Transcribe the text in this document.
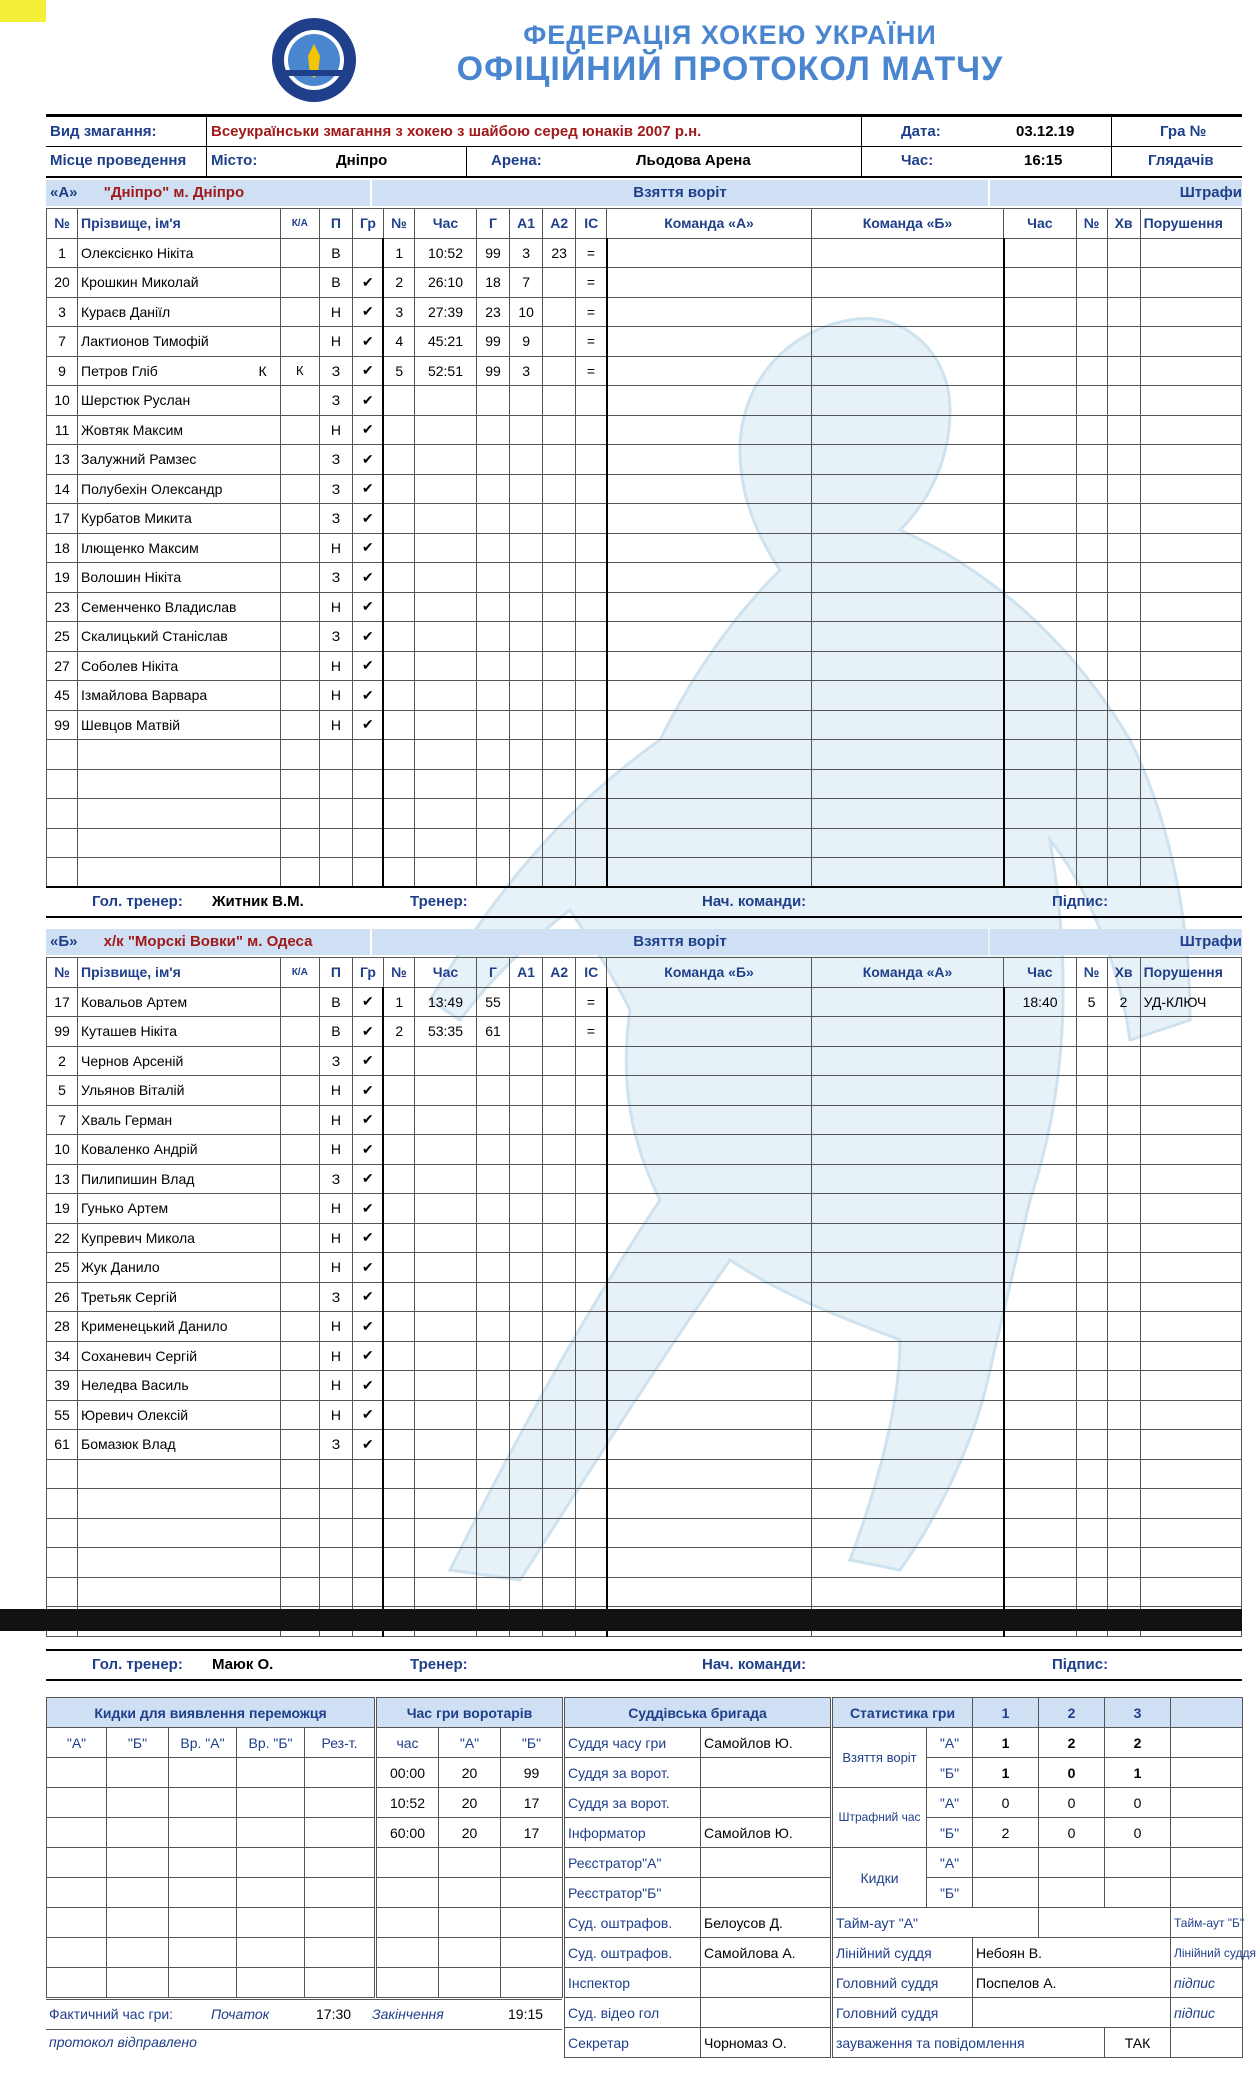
ФЕДЕРАЦІЯ ХОКЕЮ УКРАЇНИ
ОФІЦІЙНИЙ ПРОТОКОЛ МАТЧУ
Вид змагання:	Всеукраїнськи змагання з хокею з шайбою серед юнаків 2007 р.н.	Дата:	03.12.19	Гра №
Місце проведення Місто:	Дніпро	Арена:	Льодова Арена	Час:	16:15	Глядачів
«А» "Дніпро" м. Дніпро	Взяття воріт	Штрафи
№	Прізвище, ім'я	К/А	П	Гр	№	Час	Г	А1	А2	ІС	Команда «А»	Команда «Б»	Час	№	Хв	Порушення
1	Олексієнко Нікіта		В		1	10:52	99	3	23	=						
20	Крошкин Миколай		В	✔	2	26:10	18	7		=						
3	Кураєв Даніїл		Н	✔	3	27:39	23	10		=						
7	Лактионов Тимофій		Н	✔	4	45:21	99	9		=						
9	Петров Гліб К	К	З	✔	5	52:51	99	3		=						
10	Шерстюк Руслан		З	✔												
11	Жовтяк Максим		Н	✔												
13	Залужний Рамзес		З	✔												
14	Полубехін Олександр		З	✔												
17	Курбатов Микита		З	✔												
18	Ілющенко Максим		Н	✔												
19	Волошин Нікіта		З	✔												
23	Семенченко Владислав		Н	✔												
25	Скалицький Станіслав		З	✔												
27	Соболев Нікіта		Н	✔												
45	Ізмайлова Варвара		Н	✔												
99	Шевцов Матвій		Н	✔												

Гол. тренер: Житник В.М.	Тренер:	Нач. команди:	Підпис:
«Б» х/к "Морскі Вовки" м. Одеса	Взяття воріт	Штрафи
№	Прізвище, ім'я	К/А	П	Гр	№	Час	Г	А1	А2	ІС	Команда «Б»	Команда «А»	Час	№	Хв	Порушення
17	Ковальов Артем		В	✔	1	13:49	55			=			18:40	5	2	УД-КЛЮЧ
99	Куташев Нікіта		В	✔	2	53:35	61			=						
2	Чернов Арсеній		З	✔												
5	Ульянов Віталій		Н	✔												
7	Хваль Герман		Н	✔												
10	Коваленко Андрій		Н	✔												
13	Пилипишин Влад		З	✔												
19	Гунько Артем		Н	✔												
22	Купревич Микола		Н	✔												
25	Жук Данило		Н	✔												
26	Третьяк Сергій		З	✔												
28	Крименецький Данило		Н	✔												
34	Соханевич Сергій		Н	✔												
39	Неледва Василь		Н	✔												
55	Юревич Олексій		Н	✔												
61	Бомазюк Влад		З	✔												

Гол. тренер: Маюк О.	Тренер:	Нач. команди:	Підпис:
Кидки для виявлення переможця				
"А"	"Б"	Вр. "А"	Вр. "Б"	Рез-т.

Час гри воротарів		
час	"А"	"Б"
00:00	20	99
10:52	20	17
60:00	20	17

Суддівська бригада	
Суддя часу гри	Самойлов Ю.
Суддя за ворот.	
Суддя за ворот.	
Інформатор	Самойлов Ю.
Реєстратор"А"	
Реєстратор"Б"	
Суд. оштрафов.	Белоусов Д.
Суд. оштрафов.	Самойлова А.
Інспектор	
Суд. відео гол	
Секретар	Чорномаз О.
Статистика гри		1	2	3	
Взяття воріт	"А"	1	2	2	
	"Б"	1	0	1	
Штрафний час	"А"	0	0	0	
	"Б"	2	0	0	
Кидки	"А"				
	"Б"				
Тайм-аут "А"					Тайм-аут "Б"
Лінійний суддя		Небоян В.			Лінійний суддя
Головний суддя		Поспелов А.			підпис
Головний суддя					підпис
зауваження та повідомлення				ТАК	
Фактичний час гри:	Початок	17:30 Закінчення	19:15
протокол відправлено
